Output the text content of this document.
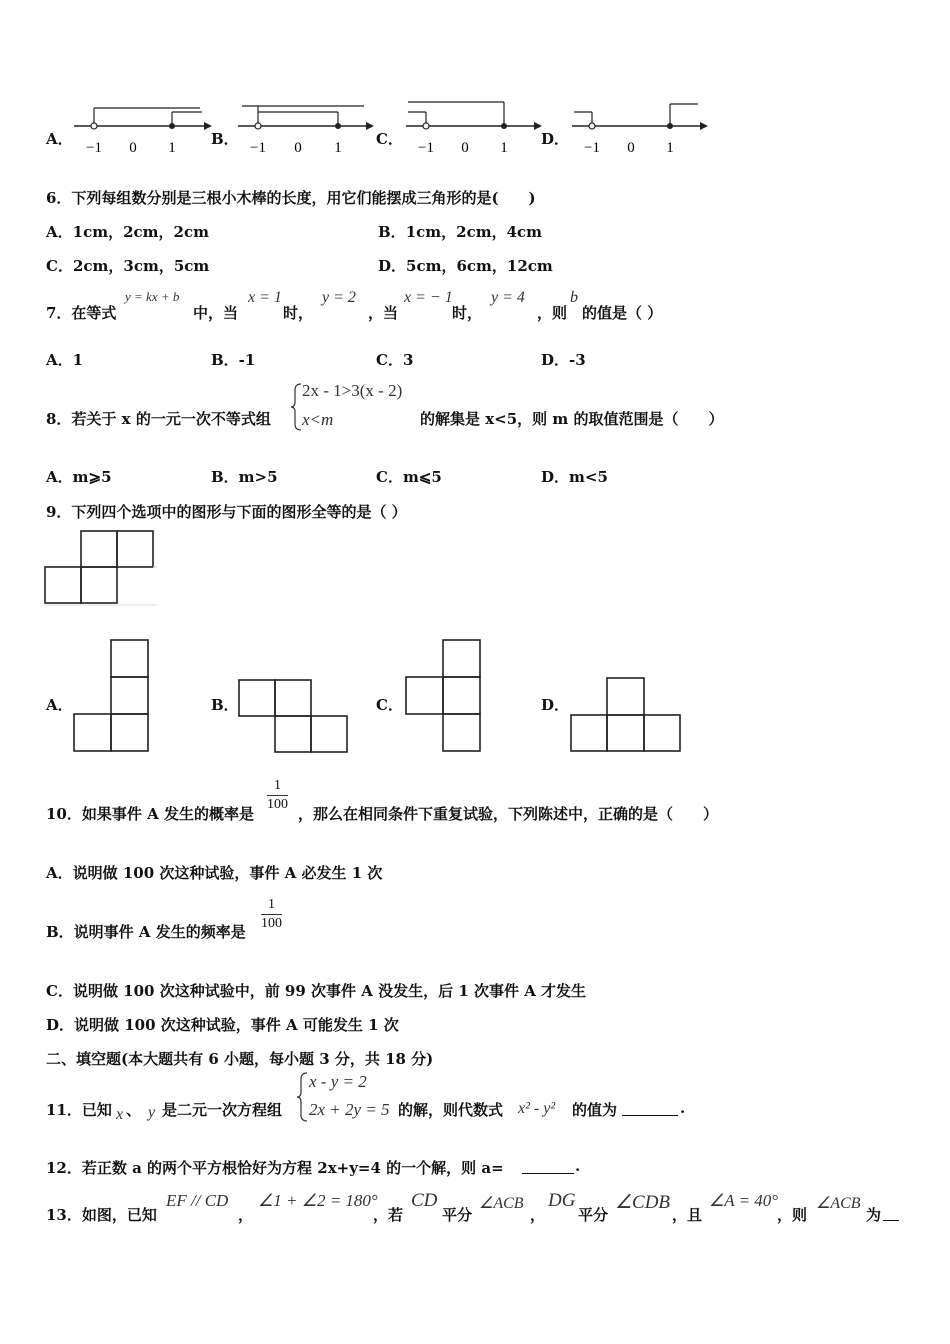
A． −1 0 1 B． −1 0 1 C． −1 0 1 D． −1 0 1
6．下列每组数分别是三根小木棒的长度，用它们能摆成三角形的是(　　)
A．1cm，2cm，2cm	B．1cm，2cm，4cm
C．2cm，3cm，5cm	D．5cm，6cm，12cm
7．在等式
y = kx + b
中，当
x = 1
时，
y = 2
，当
x = − 1
时，
y = 4
，则
b
的值是（ ）
A．1	B．-1	C．3	D．-3
8．若关于 x 的一元一次不等式组
2x - 1>3(x - 2)
x<m	的解集是 x<5，则 m 的取值范围是（　　）
A．m⩾5	B．m>5	C．m⩽5	D．m<5
9．下列四个选项中的图形与下面的图形全等的是（ ）
A．	B．	C．	D．
10．如果事件 A 发生的概率是 $\frac{1}{100}$ ，那么在相同条件下重复试验，下列陈述中，正确的是（　　）
A．说明做 100 次这种试验，事件 A 必发生 1 次
B．说明事件 A 发生的频率是 $\frac{1}{100}$
C．说明做 100 次这种试验中，前 99 次事件 A 没发生，后 1 次事件 A 才发生
D．说明做 100 次这种试验，事件 A 可能发生 1 次
二、填空题(本大题共有 6 小题，每小题 3 分，共 18 分)
11．已知 x 、 y 是二元一次方程组
x - y = 2
2x + 2y = 5 的解，则代数式 x² - y² 的值为	.
12．若正数 a 的两个平方根恰好为方程 2x+y=4 的一个解，则 a=	.
13．如图，已知
EF // CD
，
∠1 + ∠2 = 180°
，若
CD
平分
∠ACB
，
DG
平分
∠CDB
，且
∠A = 40°
，则
∠ACB
为
